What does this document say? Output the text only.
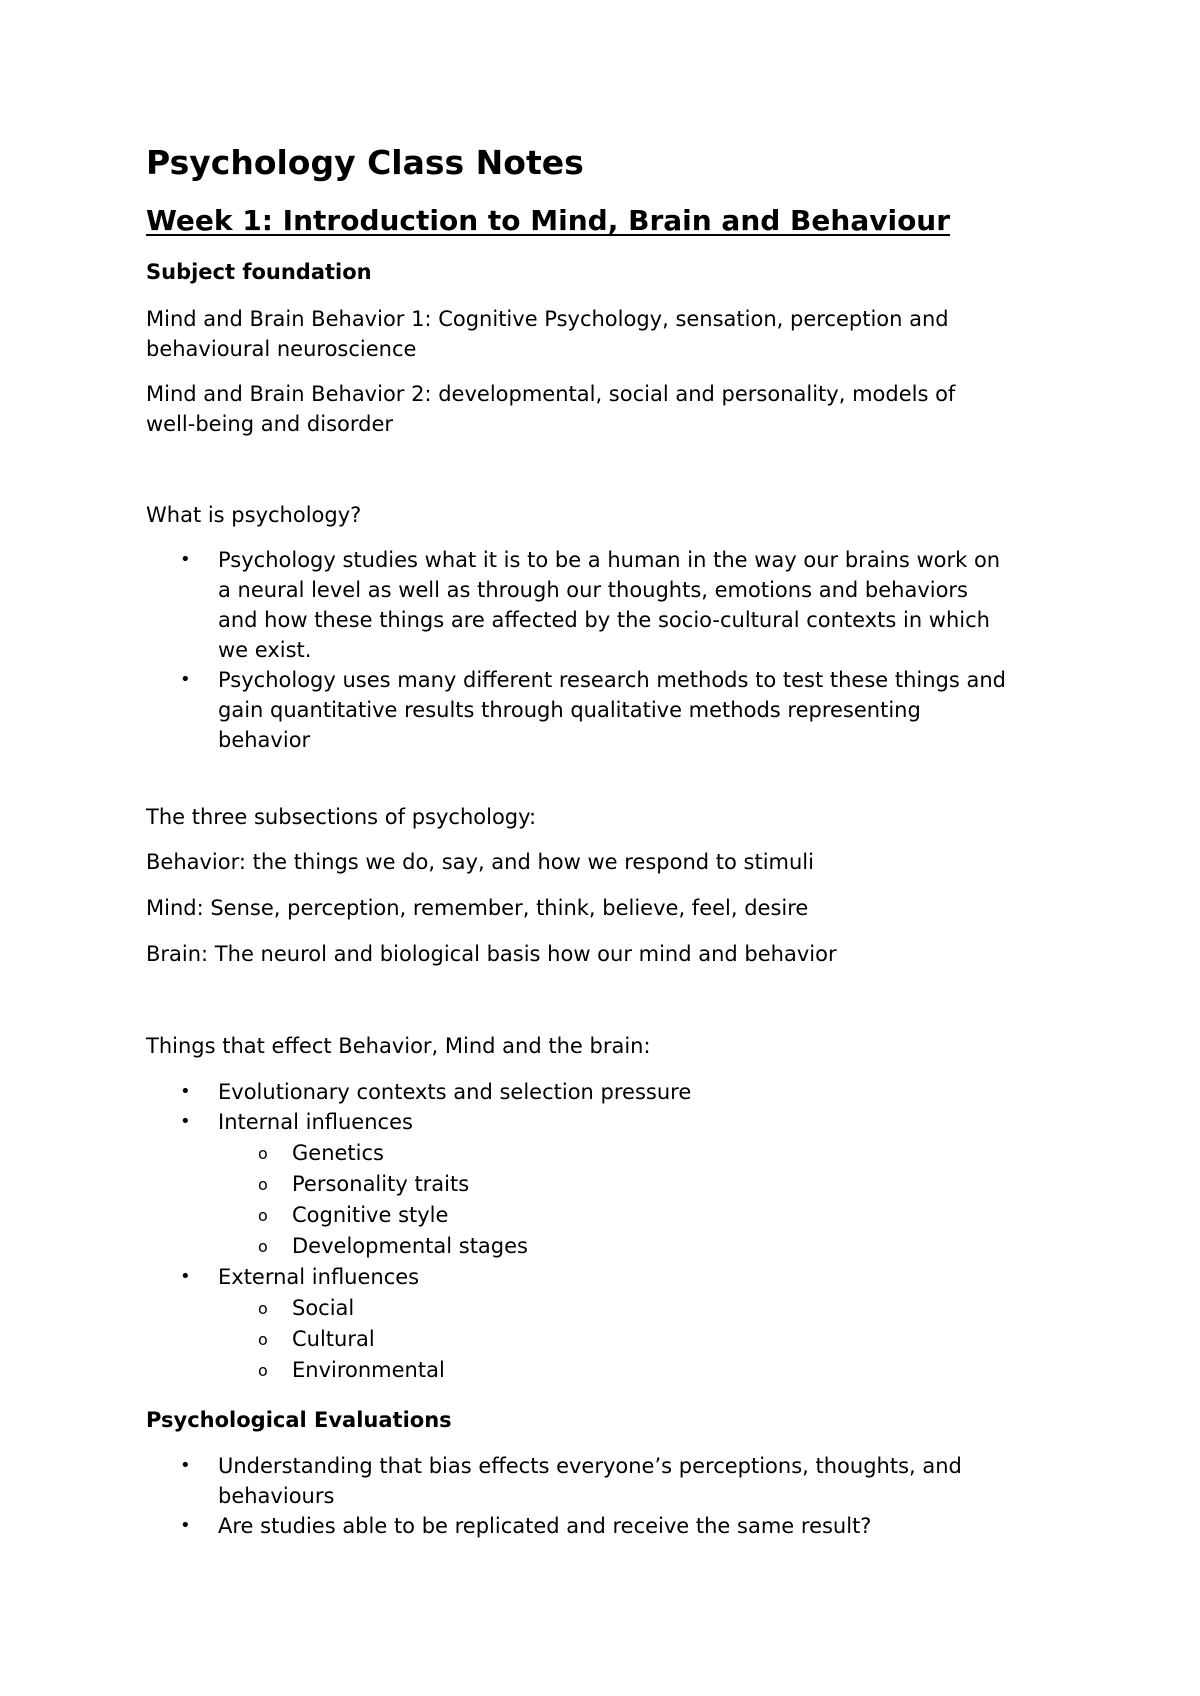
Psychology Class Notes
Week 1: Introduction to Mind, Brain and Behaviour
Subject foundation
Mind and Brain Behavior 1: Cognitive Psychology, sensation, perception and
behavioural neuroscience
Mind and Brain Behavior 2: developmental, social and personality, models of
well-being and disorder
What is psychology?
• Psychology studies what it is to be a human in the way our brains work on
a neural level as well as through our thoughts, emotions and behaviors
and how these things are affected by the socio-cultural contexts in which
we exist.
• Psychology uses many different research methods to test these things and
gain quantitative results through qualitative methods representing
behavior
The three subsections of psychology:
Behavior: the things we do, say, and how we respond to stimuli
Mind: Sense, perception, remember, think, believe, feel, desire
Brain: The neurol and biological basis how our mind and behavior
Things that effect Behavior, Mind and the brain:
• Evolutionary contexts and selection pressure
• Internal influences
o Genetics
o Personality traits
o Cognitive style
o Developmental stages
• External influences
o Social
o Cultural
o Environmental
Psychological Evaluations
• Understanding that bias effects everyone’s perceptions, thoughts, and
behaviours
• Are studies able to be replicated and receive the same result?
